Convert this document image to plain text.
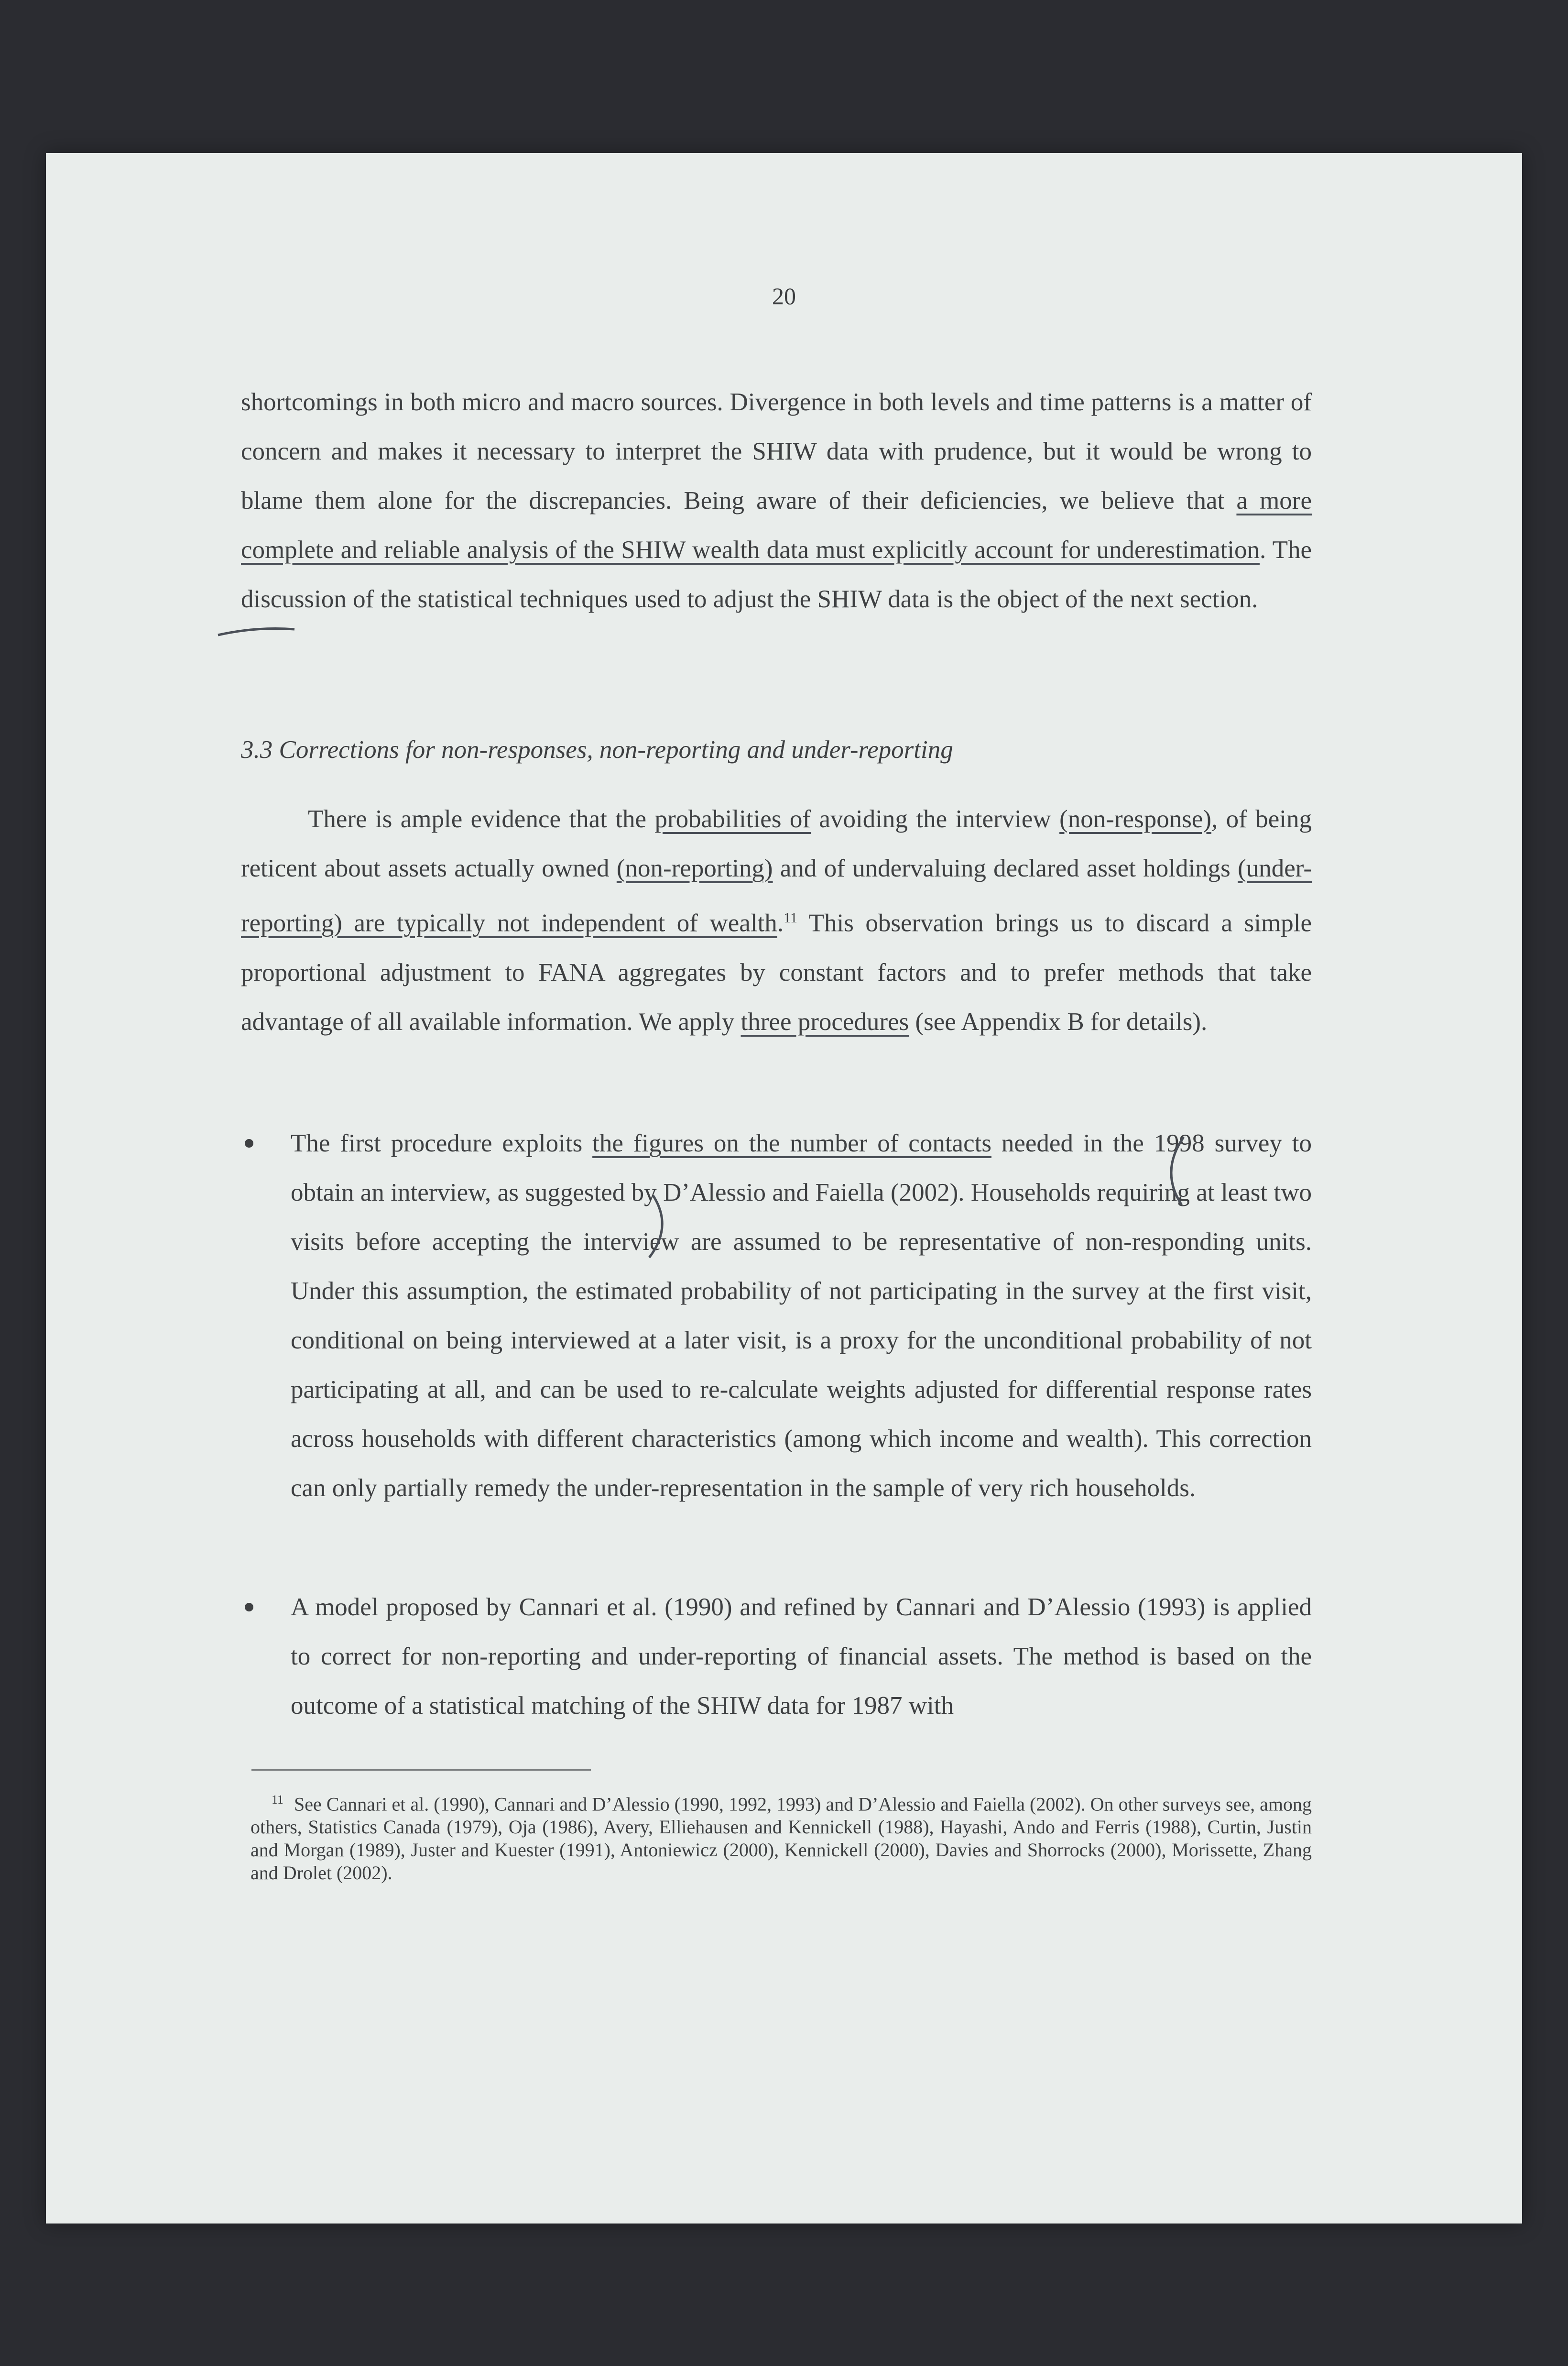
20
shortcomings in both micro and macro sources. Divergence in both levels and time patterns is a matter of concern and makes it necessary to interpret the SHIW data with prudence, but it would be wrong to blame them alone for the discrepancies. Being aware of their deficiencies, we believe that a more complete and reliable analysis of the SHIW wealth data must explicitly account for underestimation. The discussion of the statistical techniques used to adjust the SHIW data is the object of the next section.
3.3 Corrections for non-responses, non-reporting and under-reporting
There is ample evidence that the probabilities of avoiding the interview (non-response), of being reticent about assets actually owned (non-reporting) and of undervaluing declared asset holdings (under-reporting) are typically not independent of wealth.$^{11}$ This observation brings us to discard a simple proportional adjustment to FANA aggregates by constant factors and to prefer methods that take advantage of all available information. We apply three procedures (see Appendix B for details).
The first procedure exploits the figures on the number of contacts needed in the 1998 survey to obtain an interview, as suggested by D’Alessio and Faiella (2002). Households requiring at least two visits before accepting the interview are assumed to be representative of non-responding units. Under this assumption, the estimated probability of not participating in the survey at the first visit, conditional on being interviewed at a later visit, is a proxy for the unconditional probability of not participating at all, and can be used to re-calculate weights adjusted for differential response rates across households with different characteristics (among which income and wealth). This correction can only partially remedy the under-representation in the sample of very rich households.
A model proposed by Cannari et al. (1990) and refined by Cannari and D’Alessio (1993) is applied to correct for non-reporting and under-reporting of financial assets. The method is based on the outcome of a statistical matching of the SHIW data for 1987 with
$^{11}$ See Cannari et al. (1990), Cannari and D’Alessio (1990, 1992, 1993) and D’Alessio and Faiella (2002). On other surveys see, among others, Statistics Canada (1979), Oja (1986), Avery, Elliehausen and Kennickell (1988), Hayashi, Ando and Ferris (1988), Curtin, Justin and Morgan (1989), Juster and Kuester (1991), Antoniewicz (2000), Kennickell (2000), Davies and Shorrocks (2000), Morissette, Zhang and Drolet (2002).
